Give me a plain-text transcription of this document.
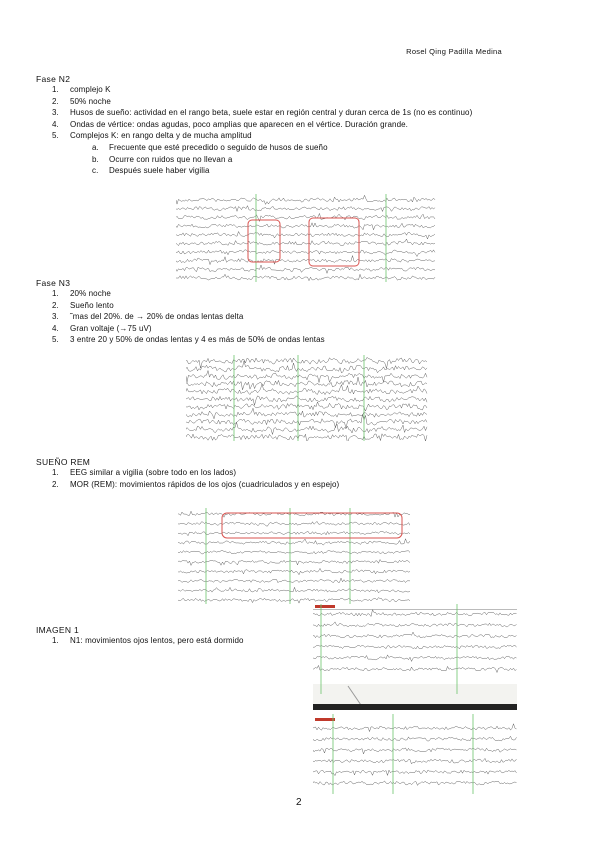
Rosel Qing Padilla Medina
Fase N2
1. complejo K
2. 50% noche
3. Husos de sueño: actividad en el rango beta, suele estar en región central y duran cerca de 1s (no es continuo)
4. Ondas de vértice: ondas agudas, poco amplias que aparecen en el vértice. Duración grande.
5. Complejos K: en rango delta y de mucha amplitud
a. Frecuente que esté precedido o seguido de husos de sueño
b. Ocurre con ruidos que no llevan a
c. Después suele haber vigilia
Fase N3
1. 20% noche
2. Sueño lento
3. ˜mas del 20%. de → 20% de ondas lentas delta
4. Gran voltaje (→75 uV)
5. 3 entre 20 y 50% de ondas lentas y 4 es más de 50% de ondas lentas
SUEÑO REM
1. EEG similar a vigilia (sobre todo en los lados)
2. MOR (REM): movimientos rápidos de los ojos (cuadriculados y en espejo)
IMAGEN 1
1. N1: movimientos ojos lentos, pero está dormido
2
